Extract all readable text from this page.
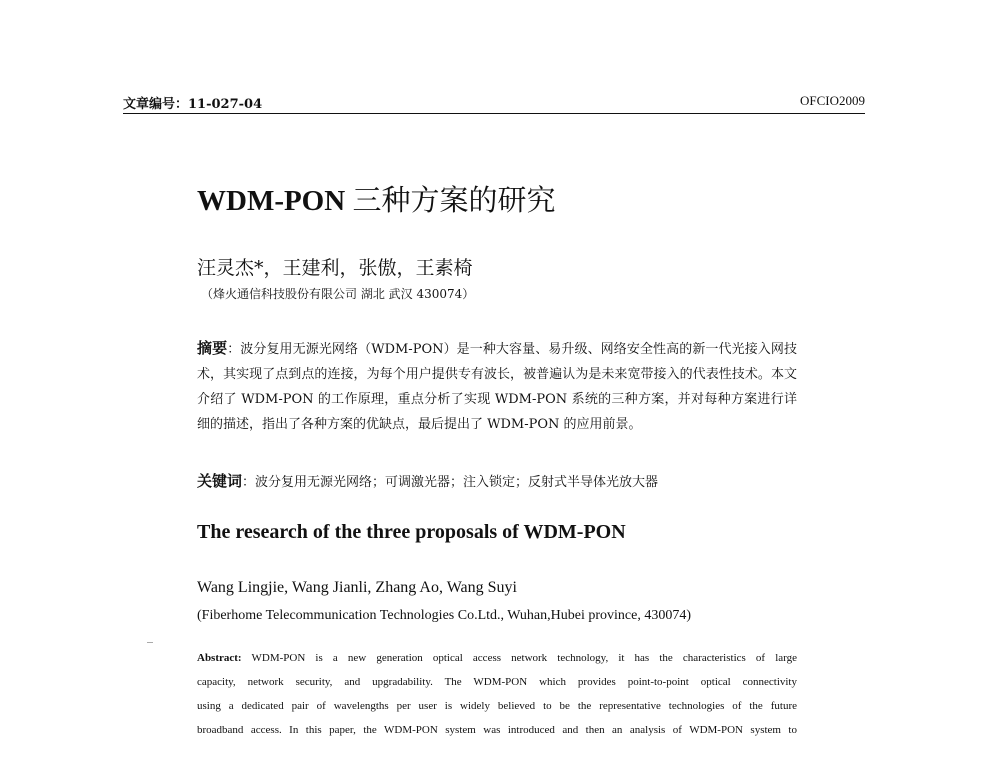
文章编号：11-027-04	OFCIO2009
WDM-PON 三种方案的研究
汪灵杰*，王建利，张傲，王素椅
（烽火通信科技股份有限公司 湖北 武汉 430074）
摘要：波分复用无源光网络（WDM-PON）是一种大容量、易升级、网络安全性高的新一代光接入网技术，其实现了点到点的连接，为每个用户提供专有波长，被普遍认为是未来宽带接入的代表性技术。本文介绍了 WDM-PON 的工作原理，重点分析了实现 WDM-PON 系统的三种方案，并对每种方案进行详细的描述，指出了各种方案的优缺点，最后提出了 WDM-PON 的应用前景。
关键词：波分复用无源光网络；可调激光器；注入锁定；反射式半导体光放大器
The research of the three proposals of WDM-PON
Wang Lingjie, Wang Jianli, Zhang Ao, Wang Suyi
(Fiberhome Telecommunication Technologies Co.Ltd., Wuhan,Hubei province, 430074)
Abstract: WDM-PON is a new generation optical access network technology, it has the characteristics of large
capacity, network security, and upgradability. The WDM-PON which provides point-to-point optical connectivity
using a dedicated pair of wavelengths per user is widely believed to be the representative technologies of the future
broadband access. In this paper, the WDM-PON system was introduced and then an analysis of WDM-PON system to
